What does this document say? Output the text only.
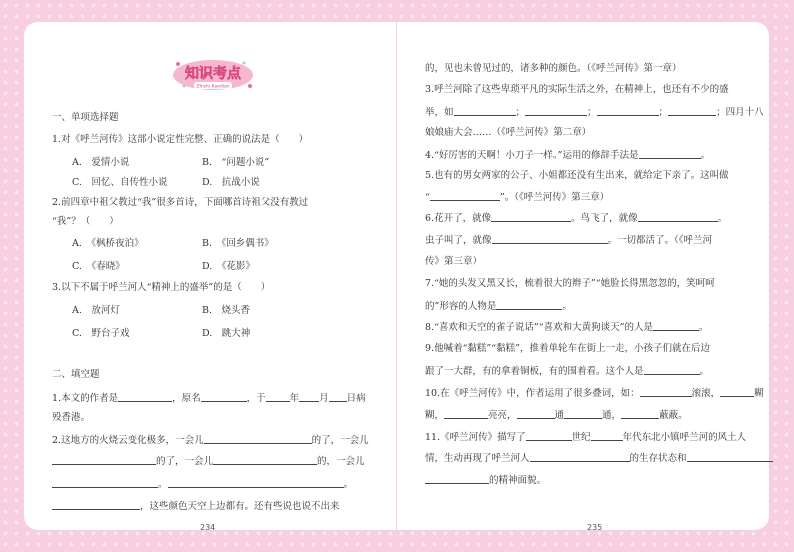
知识考点
Zhishi Kaodian
一、单项选择题
1.对《呼兰河传》这部小说定性完整、正确的说法是（　　）
A.　爱情小说	B.　“问题小说”
C.　回忆、自传性小说	D.　抗战小说
2.前四章中祖父教过“我”很多首诗，下面哪首诗祖父没有教过
“我”？（　　）
A.　《枫桥夜泊》	B.　《回乡偶书》
C.　《春晓》	D.　《花影》
3.以下不属于呼兰河人“精神上的盛举”的是（　　）
A.　放河灯	B.　烧头香
C.　野台子戏	D.　跳大神
二、填空题
1.本文的作者是	，原名	，于	年 月 日病
殁香港。
2.这地方的火烧云变化极多，一会儿	的了，一会儿
的了，一会儿	的，一会儿
。	。
，这些颜色天空上边都有。还有些说也说不出来
234
的，见也未曾见过的，诸多种的颜色。（《呼兰河传》第一章）
3.呼兰河除了这些卑琐平凡的实际生活之外，在精神上，也还有不少的盛
举，如	；	；	；	；四月十八
娘娘庙大会……（《呼兰河传》第二章）
4.“好厉害的天啊！小刀子一样。”运用的修辞手法是	。
5.也有的男女两家的公子、小姐都还没有生出来，就给定下亲了。这叫做
“	”。（《呼兰河传》第三章）
6.花开了，就像	。鸟飞了，就像	。
虫子叫了，就像	。一切都活了。（《呼兰河
传》第三章）
7.“她的头发又黑又长，梳着很大的辫子”“她脸长得黑忽忽的，笑呵呵
的”形容的人物是	。
8.“喜欢和天空的雀子说话”“喜欢和大黄狗谈天”的人是	。
9.他喊着“黏糕”“黏糕”，推着单轮车在街上一走，小孩子们就在后边
跟了一大群，有的拿着铜板，有的围着看。这个人是	。
10.在《呼兰河传》中，作者运用了很多叠词，如：	滚滚，	糊
糊，	亮亮，	通	通，	蔽蔽。
11.《呼兰河传》描写了	世纪	年代东北小镇呼兰河的风土人
情，生动再现了呼兰河人	的生存状态和
的精神面貌。
235
